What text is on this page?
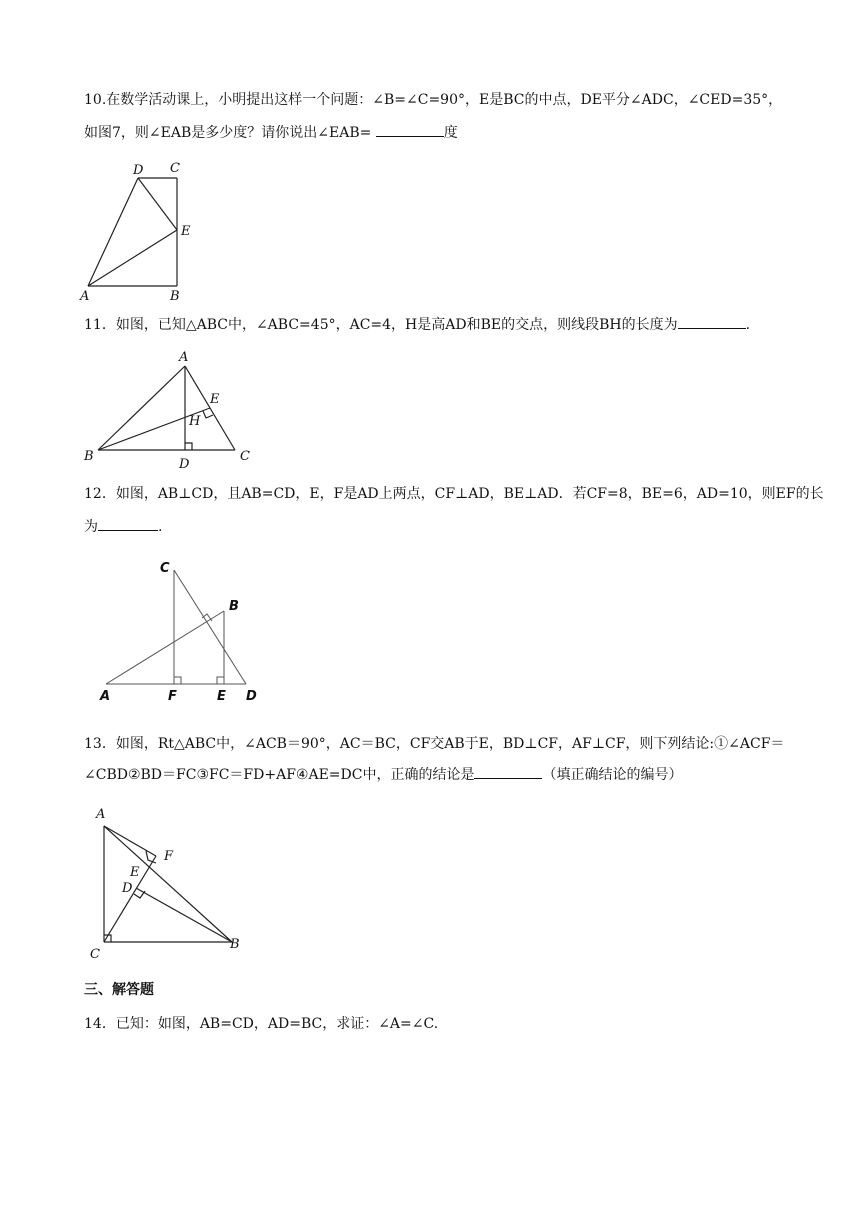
10.在数学活动课上，小明提出这样一个问题：∠B=∠C=90°，E是BC的中点，DE平分∠ADC，∠CED=35°，
如图7，则∠EAB是多少度？请你说出∠EAB=	度
D C
E
A	B
11．如图，已知△ABC中，∠ABC=45°，AC=4，H是高AD和BE的交点，则线段BH的长度为	.
A
E
H
B
D
C
12．如图，AB⊥CD，且AB=CD，E，F是AD上两点，CF⊥AD，BE⊥AD．若CF=8，BE=6，AD=10，则EF的长
为	.
C
B
A	F	E D
13．如图，Rt△ABC中，∠ACB＝90°，AC＝BC，CF交AB于E，BD⊥CF，AF⊥CF，则下列结论:①∠ACF＝
∠CBD②BD＝FC③FC＝FD+AF④AE=DC中，正确的结论是	（填正确结论的编号）
A
F
E
D
C
B
三、解答题
14．已知：如图，AB=CD，AD=BC，求证：∠A=∠C.
